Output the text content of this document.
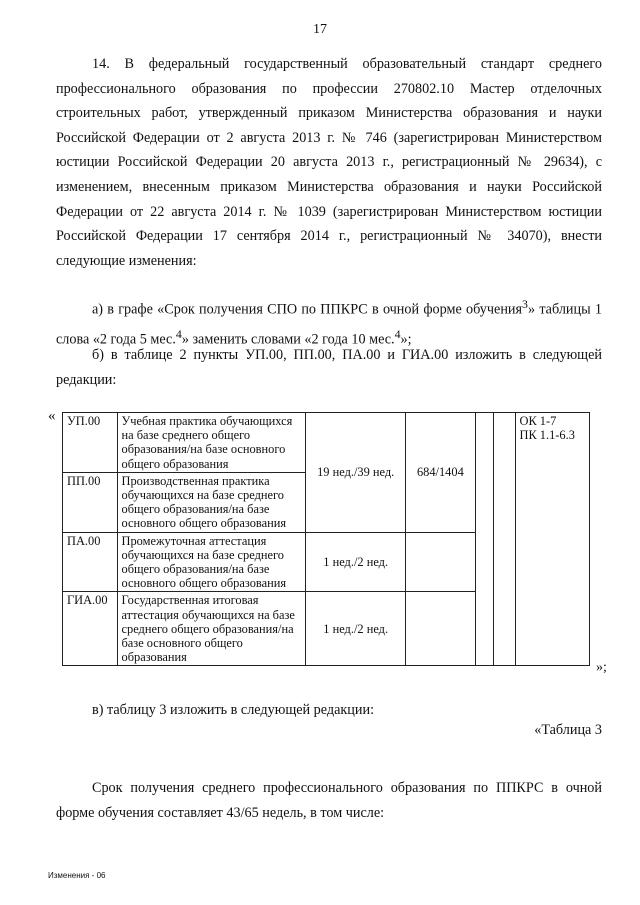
17
14. В федеральный государственный образовательный стандарт среднего профессионального образования по профессии 270802.10 Мастер отделочных строительных работ, утвержденный приказом Министерства образования и науки Российской Федерации от 2 августа 2013 г. № 746 (зарегистрирован Министерством юстиции Российской Федерации 20 августа 2013 г., регистрационный № 29634), с изменением, внесенным приказом Министерства образования и науки Российской Федерации от 22 августа 2014 г. № 1039 (зарегистрирован Министерством юстиции Российской Федерации 17 сентября 2014 г., регистрационный № 34070), внести следующие изменения:
а) в графе «Срок получения СПО по ППКРС в очной форме обучения$^3$» таблицы 1 слова «2 года 5 мес.$^4$» заменить словами «2 года 10 мес.$^4$»;
б) в таблице 2 пункты УП.00, ПП.00, ПА.00 и ГИА.00 изложить в следующей редакции:
« УП.00	Учебная практика обучающихся на базе среднего общего образования/на базе основного общего образования	19 нед./39 нед.	684/1404			ОК 1-7
ПК 1.1-6.3

ПП.00	Производственная практика обучающихся на базе среднего общего образования/на базе основного общего образования					
ПА.00	Промежуточная аттестация обучающихся на базе среднего общего образования/на базе основного общего образования	1 нед./2 нед.				
ГИА.00	Государственная итоговая аттестация обучающихся на базе среднего общего образования/на базе основного общего образования	1 нед./2 нед.				
»;
в) таблицу 3 изложить в следующей редакции:
«Таблица 3
Срок получения среднего профессионального образования по ППКРС в очной форме обучения составляет 43/65 недель, в том числе:
Изменения - 06
